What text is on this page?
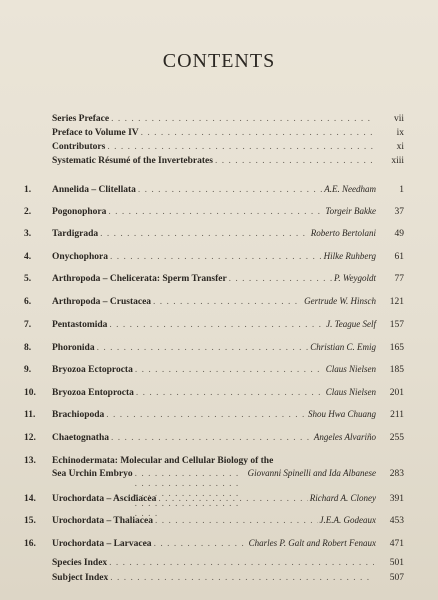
CONTENTS
Series Preface . . .	vii
Preface to Volume IV . . .	ix
Contributors . . .	xi
Systematic Résumé of the Invertebrates . . .	xiii
1.	Annelida – Clitellata . . .	A.E. Needham	1
2.	Pogonophora . . .	Torgeir Bakke	37
3.	Tardigrada . . .	Roberto Bertolani	49
4.	Onychophora . . .	Hilke Ruhberg	61
5.	Arthropoda – Chelicerata: Sperm Transfer . . .	P. Weygoldt	77
6.	Arthropoda – Crustacea . . .	Gertrude W. Hinsch	121
7.	Pentastomida . . .	J. Teague Self	157
8.	Phoronida . . .	Christian C. Emig	165
9.	Bryozoa Ectoprocta . . .	Claus Nielsen	185
10.	Bryozoa Entoprocta . . .	Claus Nielsen	201
11.	Brachiopoda . . .	Shou Hwa Chuang	211
12.	Chaetognatha . . .	Angeles Alvariño	255
13.	Echinodermata: Molecular and Cellular Biology of the
Sea Urchin Embryo . . .	Giovanni Spinelli and Ida Albanese	283
14.	Urochordata – Ascidiacea . . .	Richard A. Cloney	391
15.	Urochordata – Thaliacea . . .	J.E.A. Godeaux	453
16.	Urochordata – Larvacea . . .	Charles P. Galt and Robert Fenaux	471
Species Index . . .	501
Subject Index . . .	507
